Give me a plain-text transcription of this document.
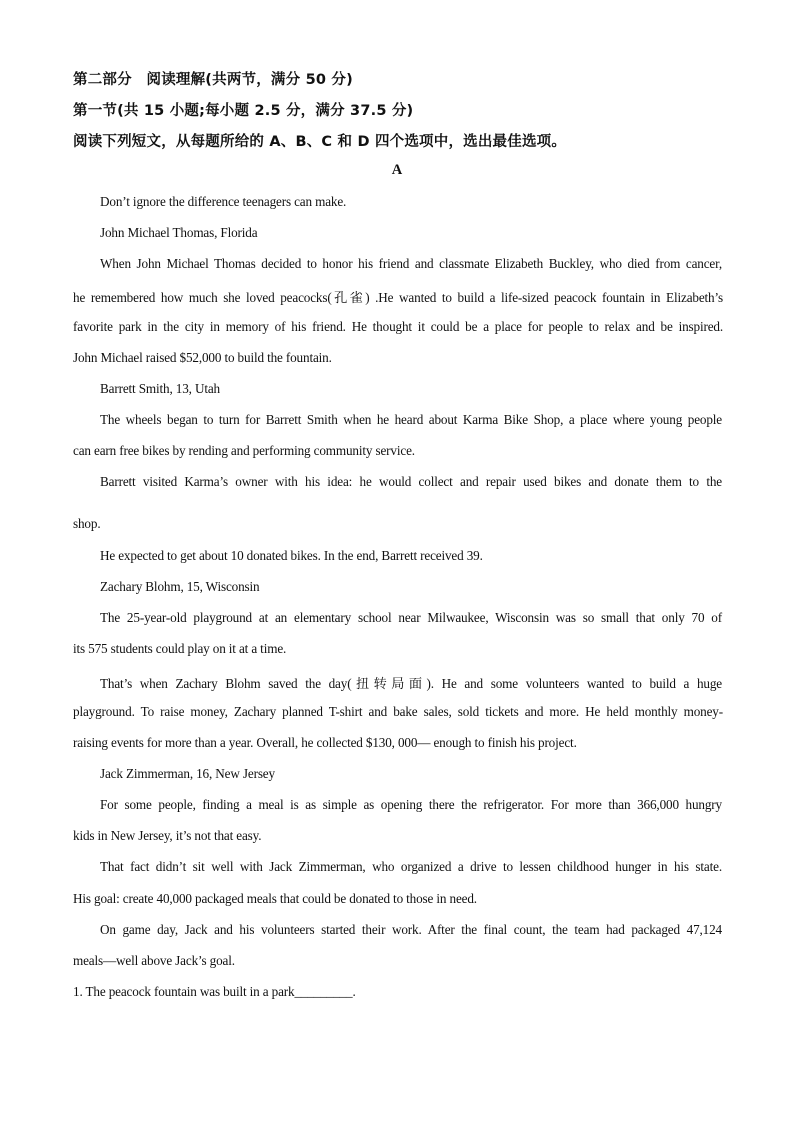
第二部分　阅读理解(共两节，满分 50 分)
第一节(共 15 小题;每小题 2.5 分，满分 37.5 分)
阅读下列短文，从每题所给的 A、B、C 和 D 四个选项中，选出最佳选项。
A
Don’t ignore the difference teenagers can make.
John Michael Thomas, Florida
When John Michael Thomas decided to honor his friend and classmate Elizabeth Buckley, who died from cancer,
he remembered how much she loved peacocks(孔雀) .He wanted to build a life-sized peacock fountain in Elizabeth’s
favorite park in the city in memory of his friend. He thought it could be a place for people to relax and be inspired.
John Michael raised $52,000 to build the fountain.
Barrett Smith, 13, Utah
The wheels began to turn for Barrett Smith when he heard about Karma Bike Shop, a place where young people
can earn free bikes by rending and performing community service.
Barrett visited Karma’s owner with his idea: he would collect and repair used bikes and donate them to the
shop.
He expected to get about 10 donated bikes. In the end, Barrett received 39.
Zachary Blohm, 15, Wisconsin
The 25-year-old playground at an elementary school near Milwaukee, Wisconsin was so small that only 70 of
its 575 students could play on it at a time.
That’s when Zachary Blohm saved the day(扭转局面). He and some volunteers wanted to build a huge
playground. To raise money, Zachary planned T-shirt and bake sales, sold tickets and more. He held monthly money-
raising events for more than a year. Overall, he collected $130, 000— enough to finish his project.
Jack Zimmerman, 16, New Jersey
For some people, finding a meal is as simple as opening there the refrigerator. For more than 366,000 hungry
kids in New Jersey, it’s not that easy.
That fact didn’t sit well with Jack Zimmerman, who organized a drive to lessen childhood hunger in his state.
His goal: create 40,000 packaged meals that could be donated to those in need.
On game day, Jack and his volunteers started their work. After the final count, the team had packaged 47,124
meals—well above Jack’s goal.
1. The peacock fountain was built in a park_________.
